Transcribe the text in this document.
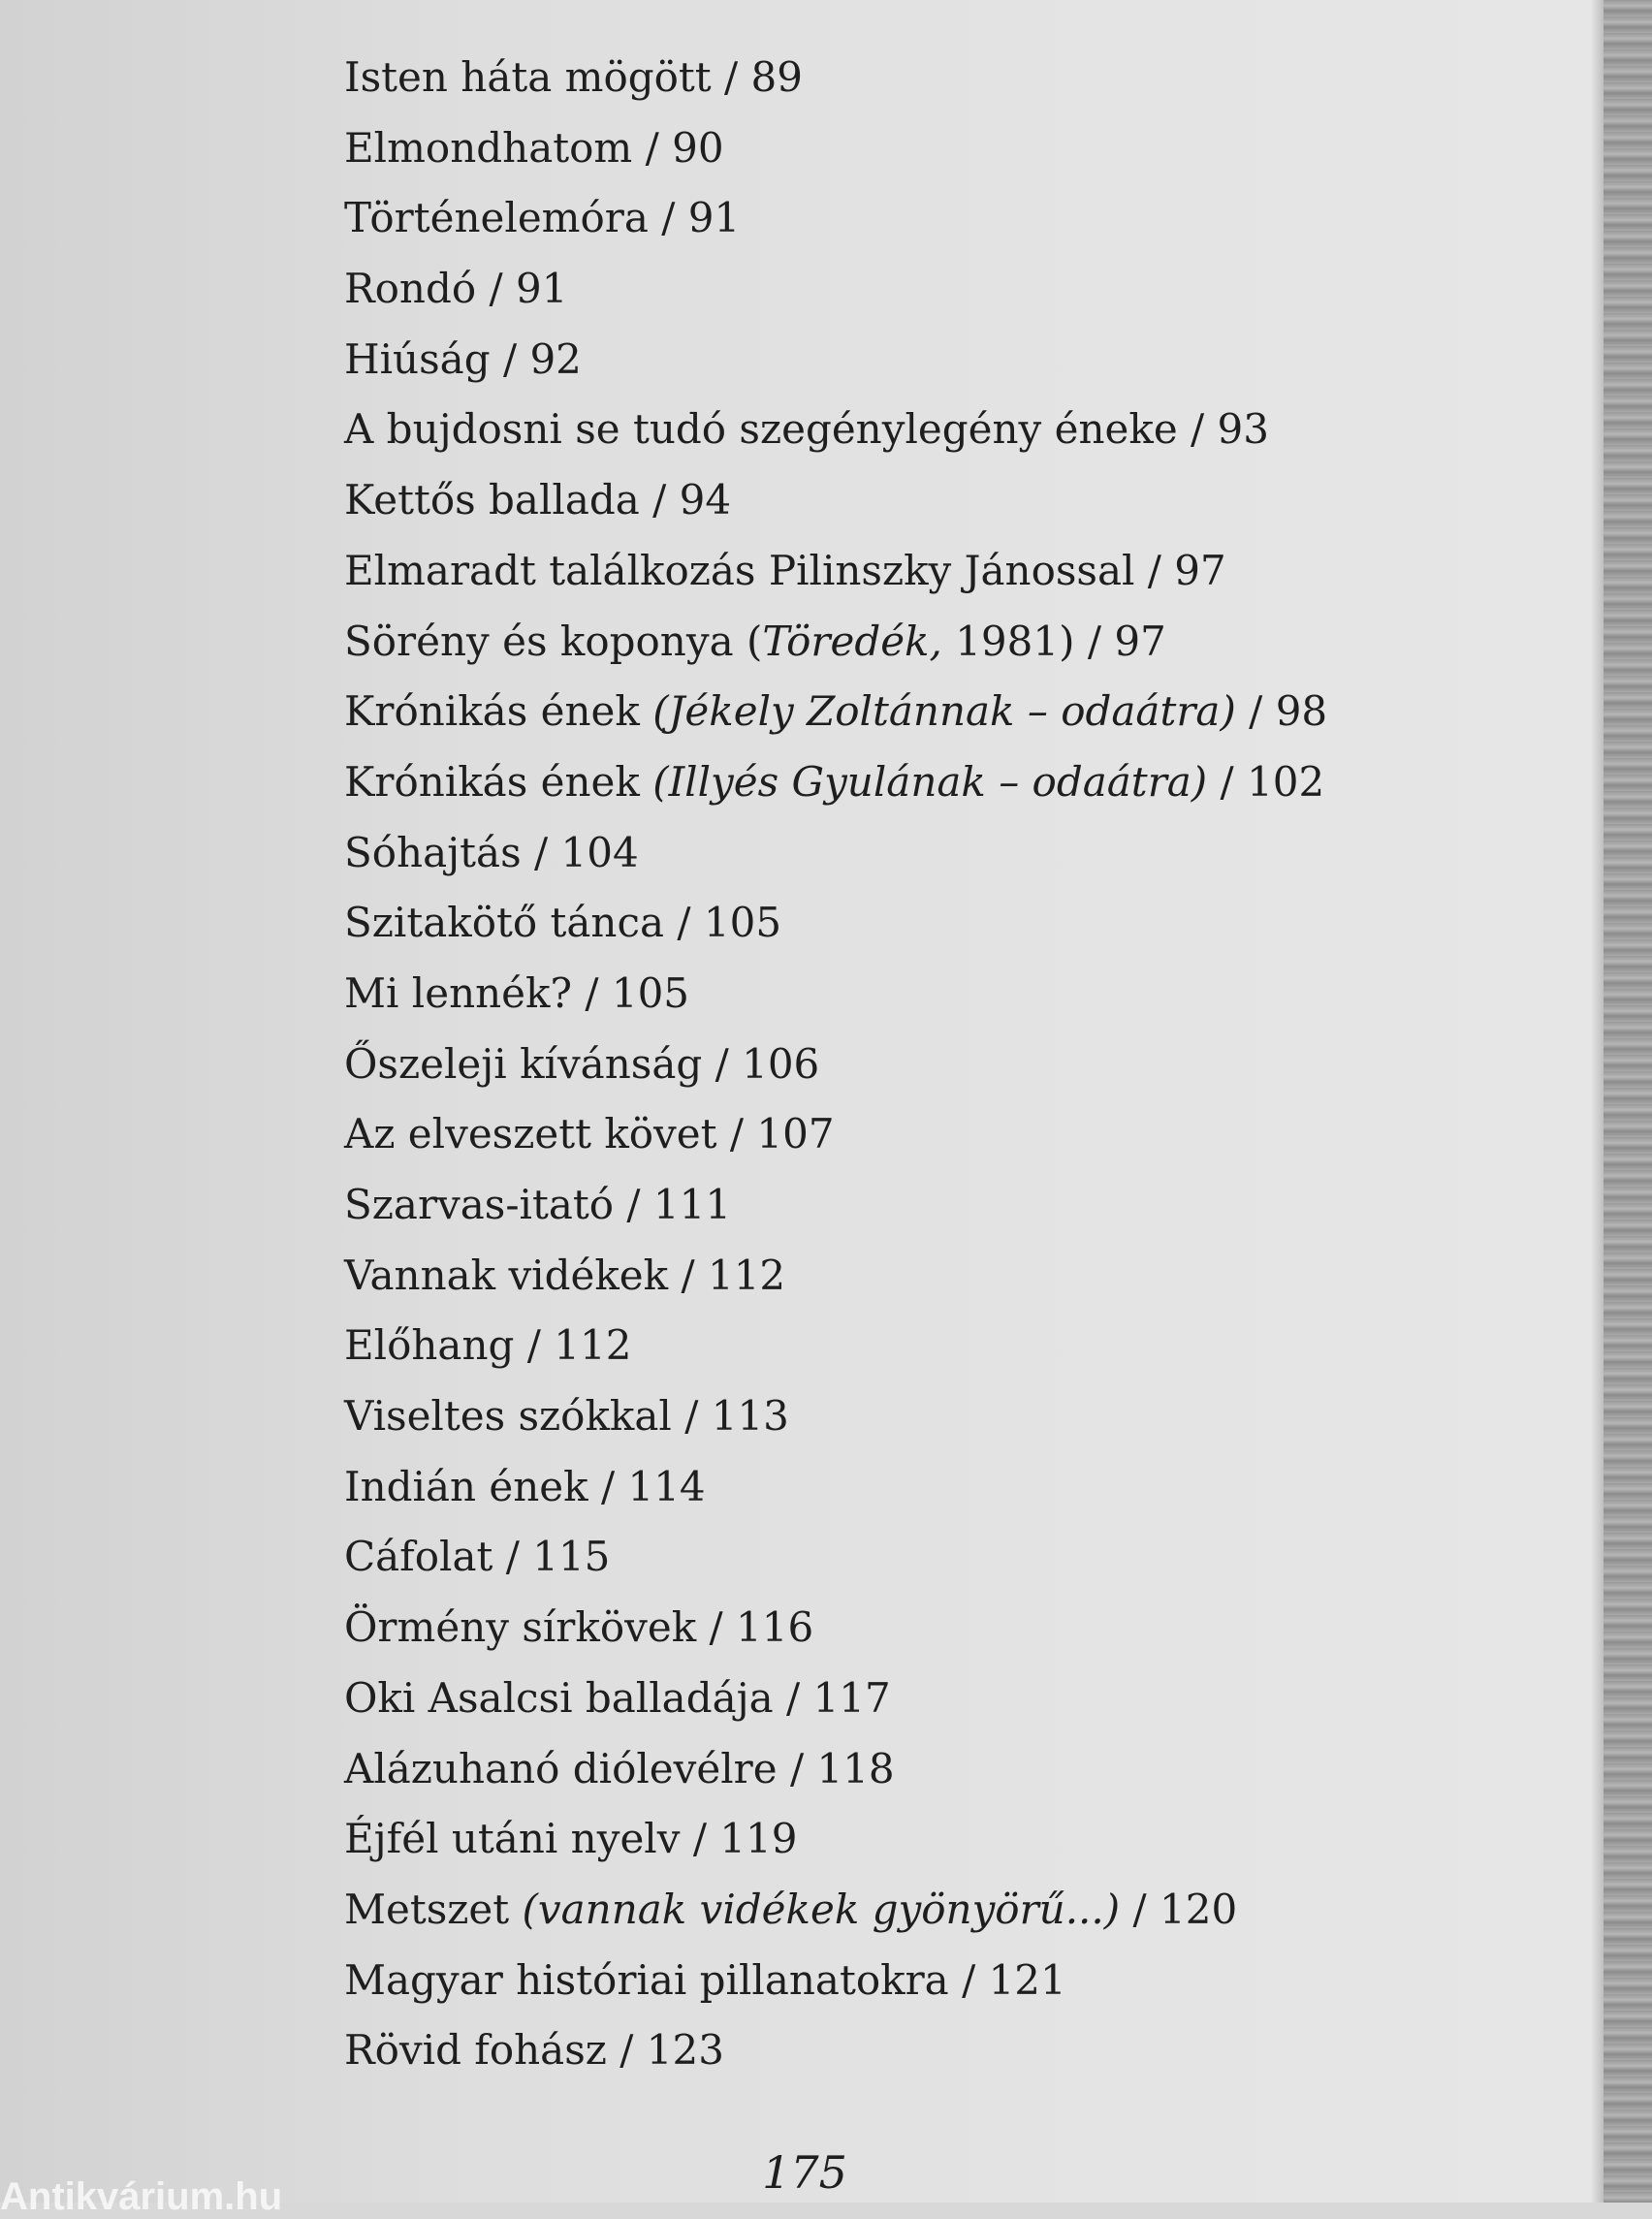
Isten háta mögött / 89
Elmondhatom / 90
Történelemóra / 91
Rondó / 91
Hiúság / 92
A bujdosni se tudó szegénylegény éneke / 93
Kettős ballada / 94
Elmaradt találkozás Pilinszky Jánossal / 97
Sörény és koponya (Töredék, 1981) / 97
Krónikás ének (Jékely Zoltánnak – odaátra) / 98
Krónikás ének (Illyés Gyulának – odaátra) / 102
Sóhajtás / 104
Szitakötő tánca / 105
Mi lennék? / 105
Őszeleji kívánság / 106
Az elveszett követ / 107
Szarvas-itató / 111
Vannak vidékek / 112
Előhang / 112
Viseltes szókkal / 113
Indián ének / 114
Cáfolat / 115
Örmény sírkövek / 116
Oki Asalcsi balladája / 117
Alázuhanó diólevélre / 118
Éjfél utáni nyelv / 119
Metszet (vannak vidékek gyönyörű...) / 120
Magyar históriai pillanatokra / 121
Rövid fohász / 123
175
Antikvárium.hu
